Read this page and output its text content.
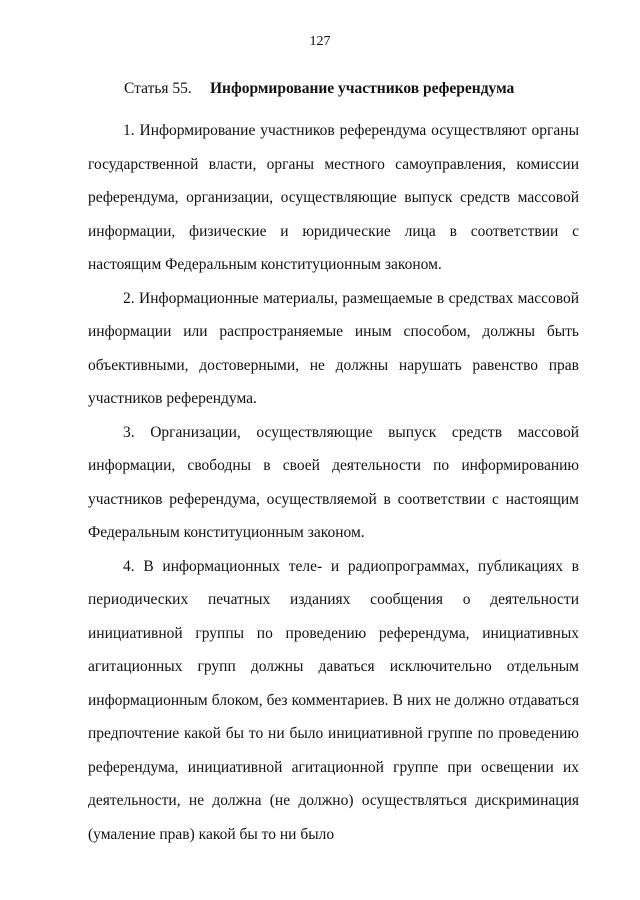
127
Статья 55. Информирование участников референдума

1. Информирование участников референдума осуществляют органы государственной власти, органы местного самоуправления, комиссии референдума, организации, осуществляющие выпуск средств массовой информации, физические и юридические лица в соответствии с настоящим Федеральным конституционным законом.

2. Информационные материалы, размещаемые в средствах массовой информации или распространяемые иным способом, должны быть объективными, достоверными, не должны нарушать равенство прав участников референдума.

3. Организации, осуществляющие выпуск средств массовой информации, свободны в своей деятельности по информированию участников референдума, осуществляемой в соответствии с настоящим Федеральным конституционным законом.

4. В информационных теле- и радиопрограммах, публикациях в периодических печатных изданиях сообщения о деятельности инициативной группы по проведению референдума, инициативных агитационных групп должны даваться исключительно отдельным информационным блоком, без комментариев. В них не должно отдаваться предпочтение какой бы то ни было инициативной группе по проведению референдума, инициативной агитационной группе при освещении их деятельности, не должна (не должно) осуществляться дискриминация (умаление прав) какой бы то ни было
